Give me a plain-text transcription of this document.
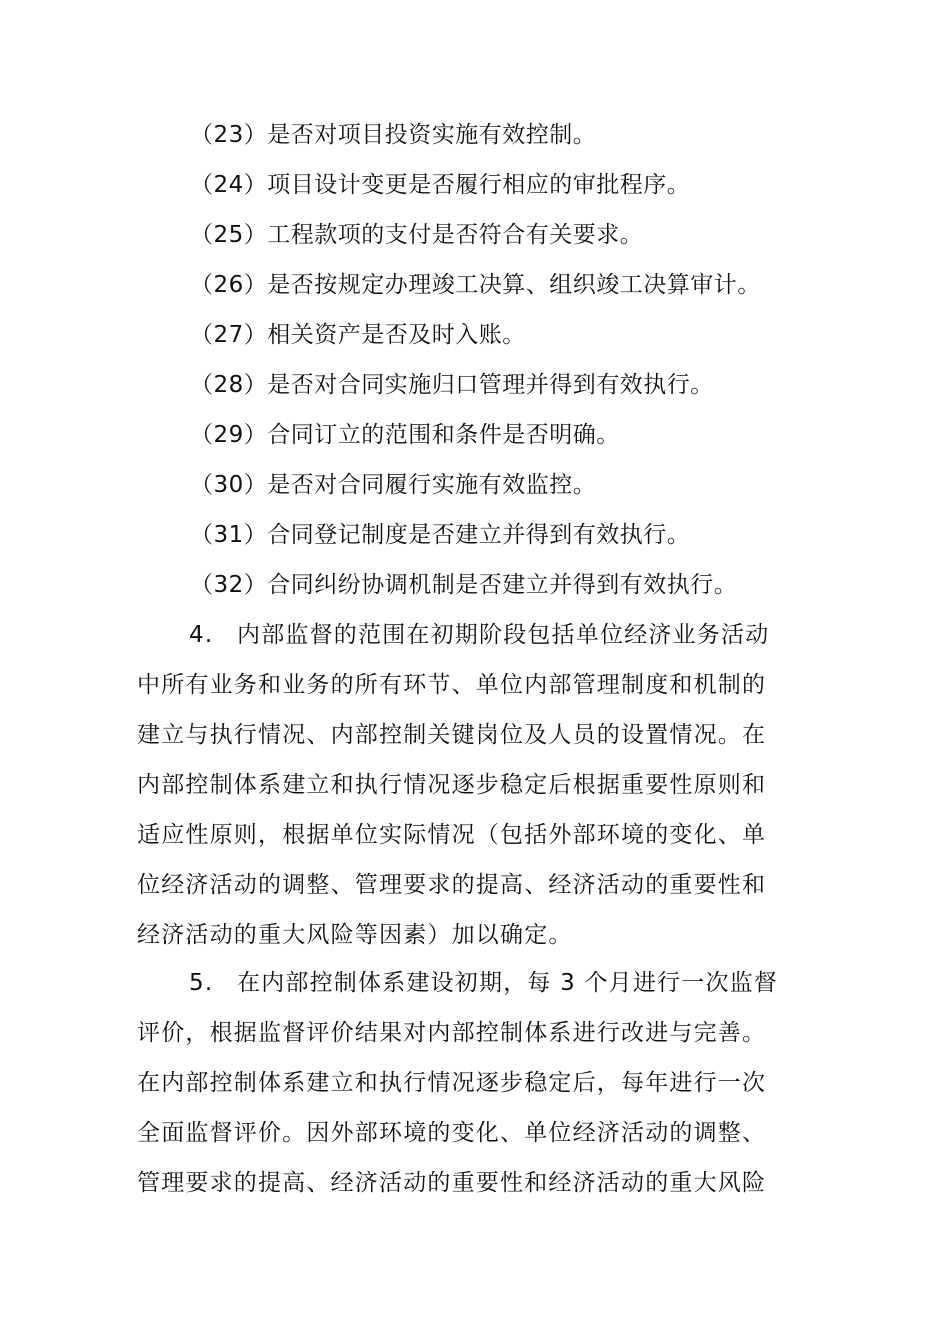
（23）是否对项目投资实施有效控制。
（24）项目设计变更是否履行相应的审批程序。
（25）工程款项的支付是否符合有关要求。
（26）是否按规定办理竣工决算、组织竣工决算审计。
（27）相关资产是否及时入账。
（28）是否对合同实施归口管理并得到有效执行。
（29）合同订立的范围和条件是否明确。
（30）是否对合同履行实施有效监控。
（31）合同登记制度是否建立并得到有效执行。
（32）合同纠纷协调机制是否建立并得到有效执行。
4. 内部监督的范围在初期阶段包括单位经济业务活动
中所有业务和业务的所有环节、单位内部管理制度和机制的
建立与执行情况、内部控制关键岗位及人员的设置情况。在
内部控制体系建立和执行情况逐步稳定后根据重要性原则和
适应性原则，根据单位实际情况（包括外部环境的变化、单
位经济活动的调整、管理要求的提高、经济活动的重要性和
经济活动的重大风险等因素）加以确定。
5. 在内部控制体系建设初期，每 3 个月进行一次监督
评价，根据监督评价结果对内部控制体系进行改进与完善。
在内部控制体系建立和执行情况逐步稳定后，每年进行一次
全面监督评价。因外部环境的变化、单位经济活动的调整、
管理要求的提高、经济活动的重要性和经济活动的重大风险
